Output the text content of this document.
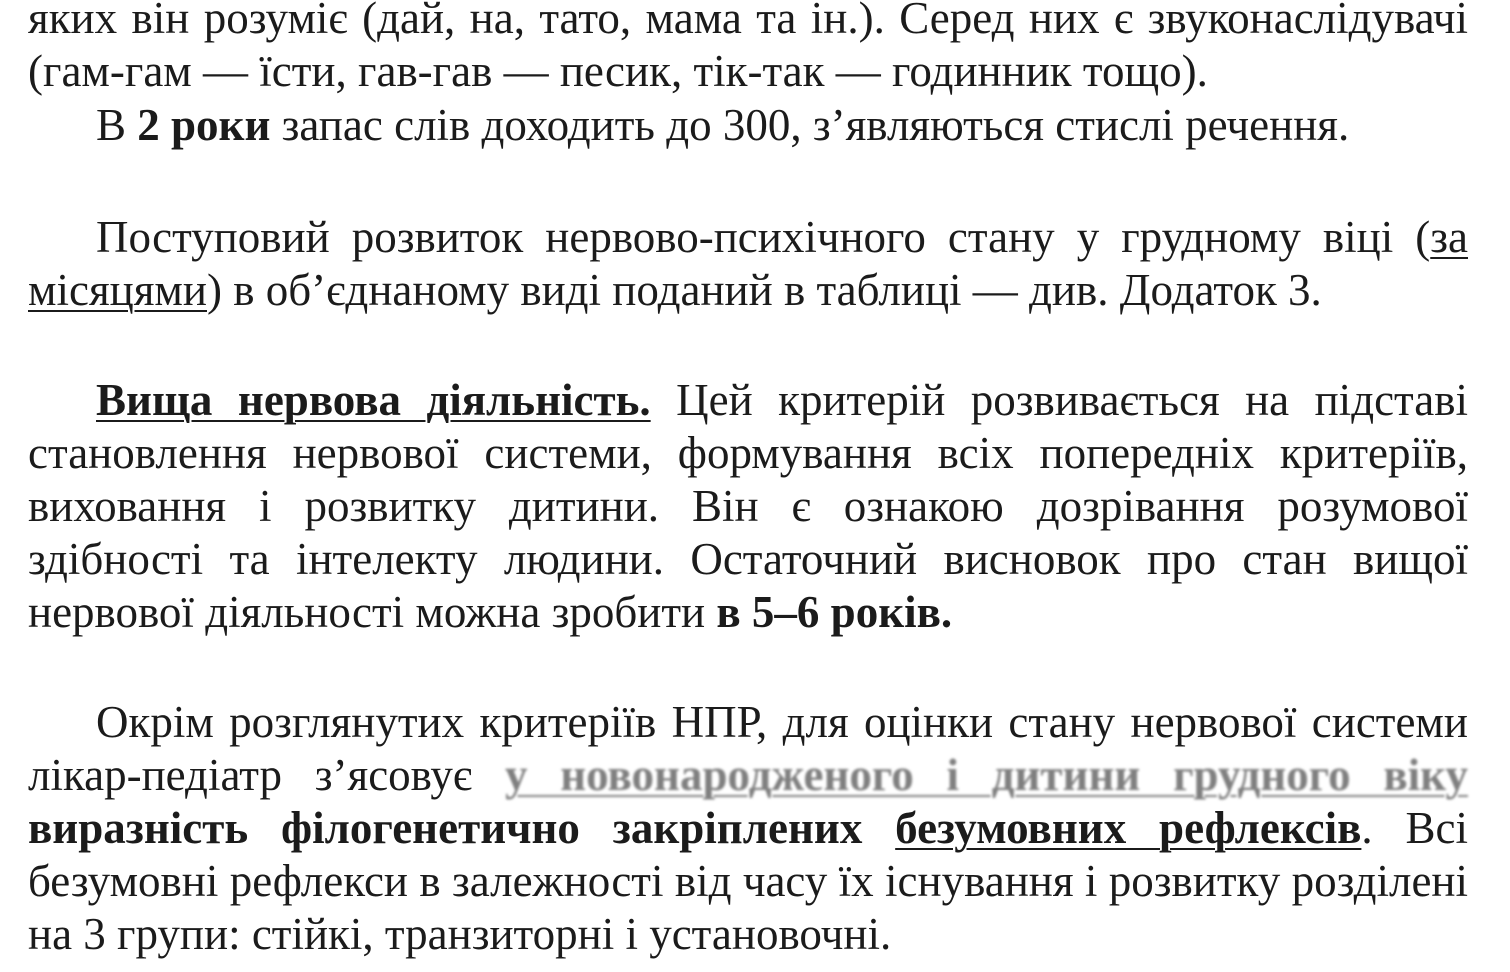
яких він розуміє (дай, на, тато, мама та ін.). Серед них є звуконаслідувачі (гам-гам — їсти, гав-гав — песик, тік-так — годинник тощо).

В 2 роки запас слів доходить до 300, з’являються стислі речення.

Поступовий розвиток нервово-психічного стану у грудному віці (за місяцями) в об’єднаному виді поданий в таблиці — див. Додаток 3.

Вища нервова діяльність. Цей критерій розвивається на підставі становлення нервової системи, формування всіх попередніх критеріїв, виховання і розвитку дитини. Він є ознакою дозрівання розумової здібності та інтелекту людини. Остаточний висновок про стан вищої нервової діяльності можна зробити в 5–6 років.

Окрім розглянутих критеріїв НПР, для оцінки стану нервової системи лікар-педіатр з’ясовує у новонародженого і дитини грудного віку виразність філогенетично закріплених безумовних рефлексів. Всі безумовні рефлекси в залежності від часу їх існування і розвитку розділені на 3 групи: стійкі, транзиторні і установочні.
